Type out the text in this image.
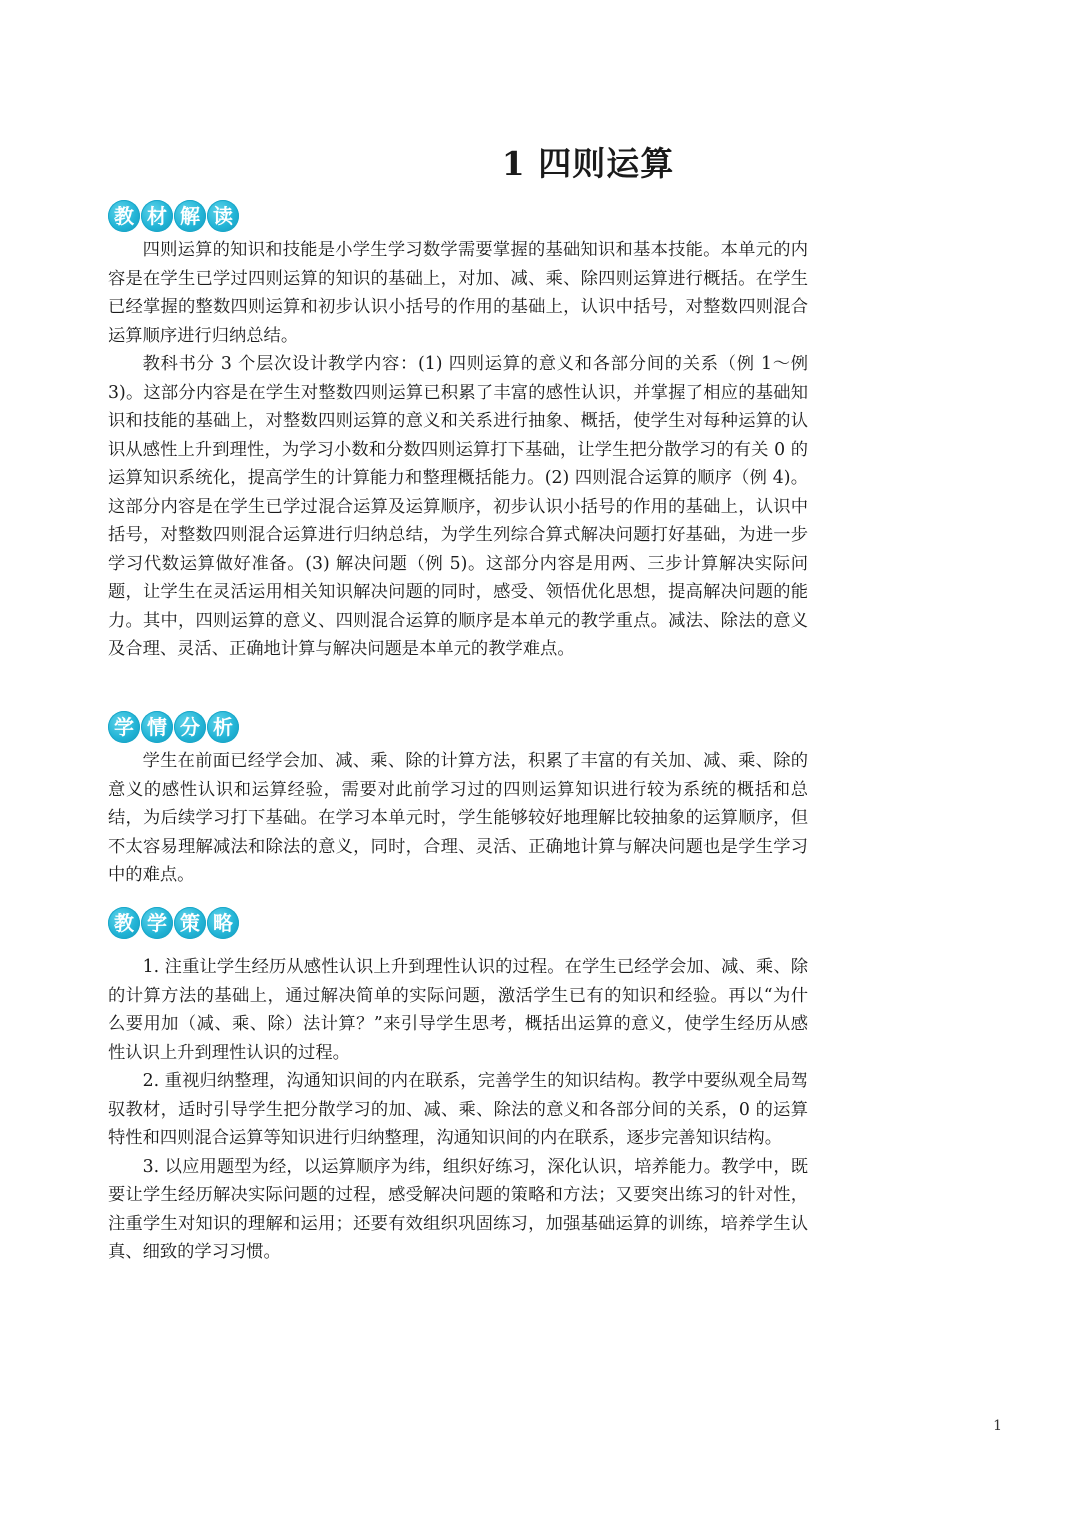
1 四则运算
教 材 解 读

四则运算的知识和技能是小学生学习数学需要掌握的基础知识和基本技能。本单元的内容是在学生已学过四则运算的知识的基础上，对加、减、乘、除四则运算进行概括。在学生已经掌握的整数四则运算和初步认识小括号的作用的基础上，认识中括号，对整数四则混合运算顺序进行归纳总结。

教科书分 3 个层次设计教学内容：(1) 四则运算的意义和各部分间的关系（例 1～例 3)。这部分内容是在学生对整数四则运算已积累了丰富的感性认识，并掌握了相应的基础知识和技能的基础上，对整数四则运算的意义和关系进行抽象、概括，使学生对每种运算的认识从感性上升到理性，为学习小数和分数四则运算打下基础，让学生把分散学习的有关 0 的运算知识系统化，提高学生的计算能力和整理概括能力。(2) 四则混合运算的顺序（例 4)。这部分内容是在学生已学过混合运算及运算顺序，初步认识小括号的作用的基础上，认识中括号，对整数四则混合运算进行归纳总结，为学生列综合算式解决问题打好基础，为进一步学习代数运算做好准备。(3) 解决问题（例 5)。这部分内容是用两、三步计算解决实际问题，让学生在灵活运用相关知识解决问题的同时，感受、领悟优化思想，提高解决问题的能力。其中，四则运算的意义、四则混合运算的顺序是本单元的教学重点。减法、除法的意义及合理、灵活、正确地计算与解决问题是本单元的教学难点。

学 情 分 析

学生在前面已经学会加、减、乘、除的计算方法，积累了丰富的有关加、减、乘、除的意义的感性认识和运算经验，需要对此前学习过的四则运算知识进行较为系统的概括和总结，为后续学习打下基础。在学习本单元时，学生能够较好地理解比较抽象的运算顺序，但不太容易理解减法和除法的意义，同时，合理、灵活、正确地计算与解决问题也是学生学习中的难点。

教 学 策 略

1. 注重让学生经历从感性认识上升到理性认识的过程。在学生已经学会加、减、乘、除的计算方法的基础上，通过解决简单的实际问题，激活学生已有的知识和经验。再以“为什么要用加（减、乘、除）法计算？”来引导学生思考，概括出运算的意义，使学生经历从感性认识上升到理性认识的过程。

2. 重视归纳整理，沟通知识间的内在联系，完善学生的知识结构。教学中要纵观全局驾驭教材，适时引导学生把分散学习的加、减、乘、除法的意义和各部分间的关系，0 的运算特性和四则混合运算等知识进行归纳整理，沟通知识间的内在联系，逐步完善知识结构。

3. 以应用题型为经，以运算顺序为纬，组织好练习，深化认识，培养能力。教学中，既要让学生经历解决实际问题的过程，感受解决问题的策略和方法；又要突出练习的针对性，注重学生对知识的理解和运用；还要有效组织巩固练习，加强基础运算的训练，培养学生认真、细致的学习习惯。

1
